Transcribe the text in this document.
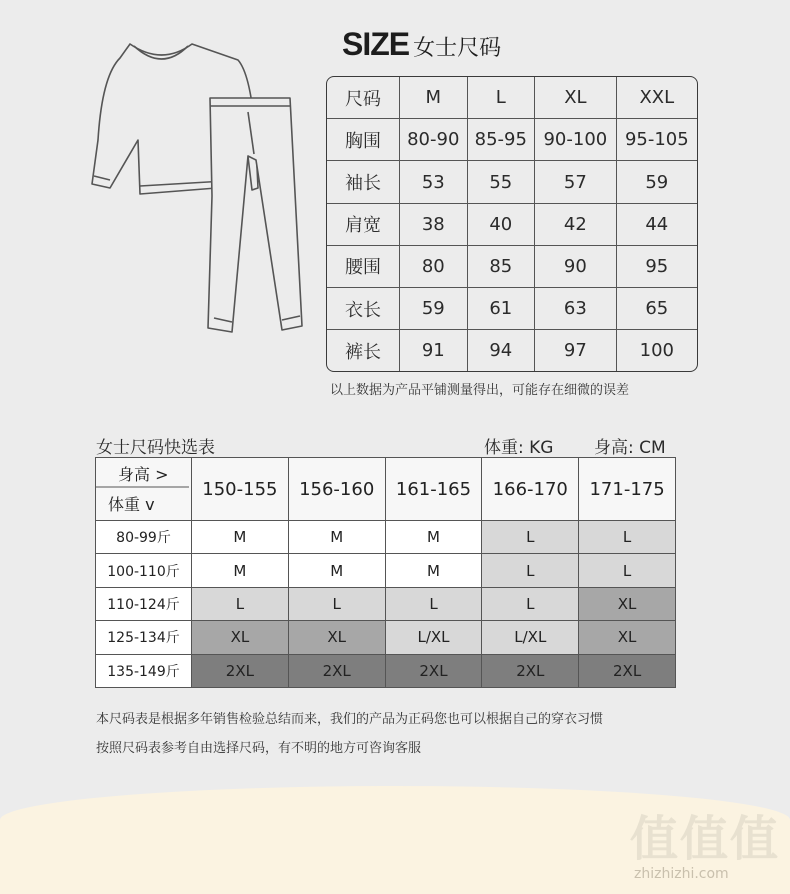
SIZE 女士尺码
尺码	M	L	XL	XXL
胸围	80-90	85-95	90-100	95-105
袖长	53	55	57	59
肩宽	38	40	42	44
腰围	80	85	90	95
衣长	59	61	63	65
裤长	91	94	97	100
以上数据为产品平铺测量得出，可能存在细微的误差
女士尺码快选表	体重: KG 身高: CM
身高 >
体重 v	150-155	156-160	161-165	166-170	171-175
80-99斤	M	M	M	L	L
100-110斤	M	M	M	L	L
110-124斤	L	L	L	L	XL
125-134斤	XL	XL	L/XL	L/XL	XL
135-149斤	2XL	2XL	2XL	2XL	2XL
本尺码表是根据多年销售检验总结而来，我们的产品为正码您也可以根据自己的穿衣习惯
按照尺码表参考自由选择尺码，有不明的地方可咨询客服
值值值
zhizhizhi.com
